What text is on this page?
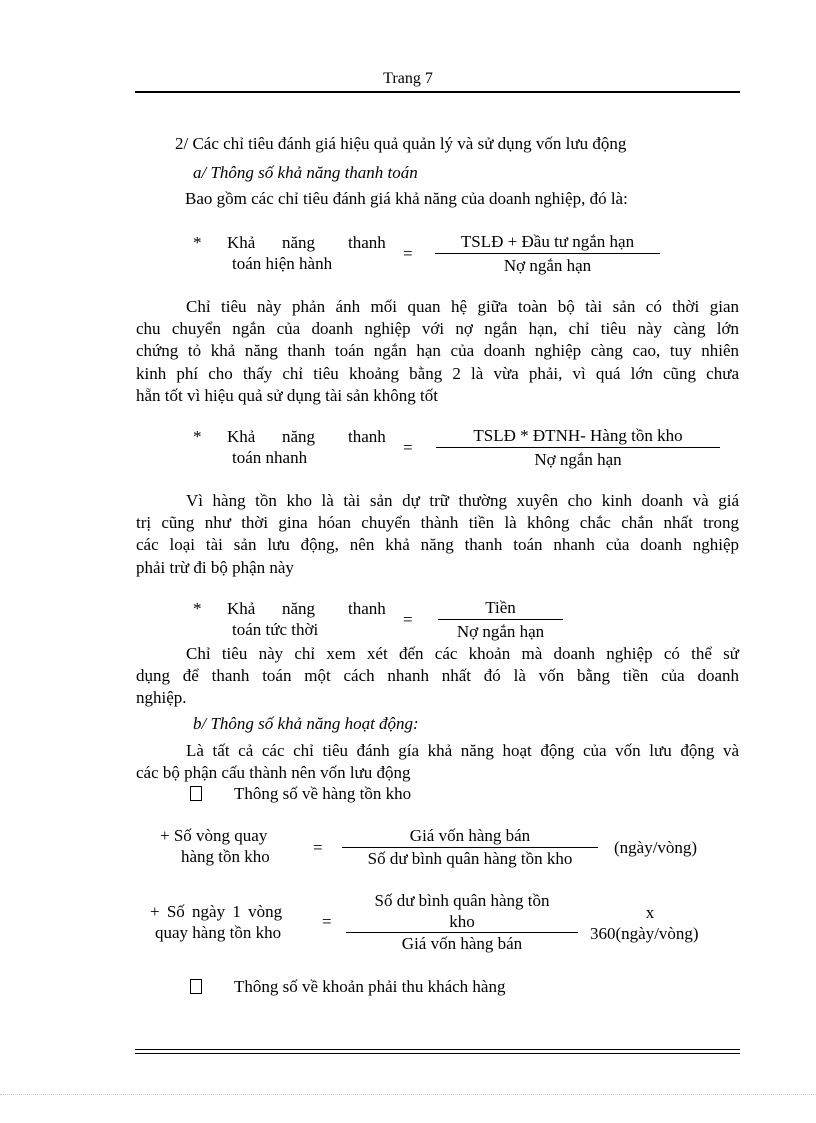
Trang 7
2/ Các chỉ tiêu đánh giá hiệu quả quản lý và sử dụng vốn lưu động
a/ Thông số khả năng thanh toán
Bao gồm các chỉ tiêu đánh giá khả năng của doanh nghiệp, đó là:
* Khả năng thanh
toán hiện hành
=
TSLĐ + Đầu tư ngắn hạn
Nợ ngắn hạn

Chỉ tiêu này phản ánh mối quan hệ giữa toàn bộ tài sản có thời gian

chu chuyển ngắn của doanh nghiệp với nợ ngắn hạn, chỉ tiêu này càng lớn

chứng tỏ khả năng thanh toán ngắn hạn của doanh nghiệp càng cao, tuy nhiên

kinh phí cho thấy chỉ tiêu khoảng bằng 2 là vừa phải, vì quá lớn cũng chưa

hẵn tốt vì hiệu quả sử dụng tài sản không tốt

* Khả năng thanh
toán nhanh
=
TSLĐ * ĐTNH- Hàng tồn kho
Nợ ngắn hạn

Vì hàng tồn kho là tài sản dự trữ thường xuyên cho kinh doanh và giá

trị cũng như thời gina hóan chuyển thành tiền là không chắc chắn nhất trong

các loại tài sản lưu động, nên khả năng thanh toán nhanh của doanh nghiệp

phải trừ đi bộ phận này

* Khả năng thanh
toán tức thời
=
Tiền
Nợ ngắn hạn

Chỉ tiêu này chỉ xem xét đến các khoản mà doanh nghiệp có thể sử

dụng để thanh toán một cách nhanh nhất đó là vốn bằng tiền của doanh

nghiệp.

b/ Thông số khả năng hoạt động:

Là tất cả các chỉ tiêu đánh gía khả năng hoạt động của vốn lưu động và

các bộ phận cấu thành nên vốn lưu động

Thông số về hàng tồn kho
+ Số vòng quay
hàng tồn kho	=
Giá vốn hàng bán
Số dư bình quân hàng tồn kho
(ngày/vòng)
+ Số ngày 1 vòng
quay hàng tồn kho
=
Số dư bình quân hàng tồn
kho
Giá vốn hàng bán
x
360(ngày/vòng)
Thông số về khoản phải thu khách hàng
